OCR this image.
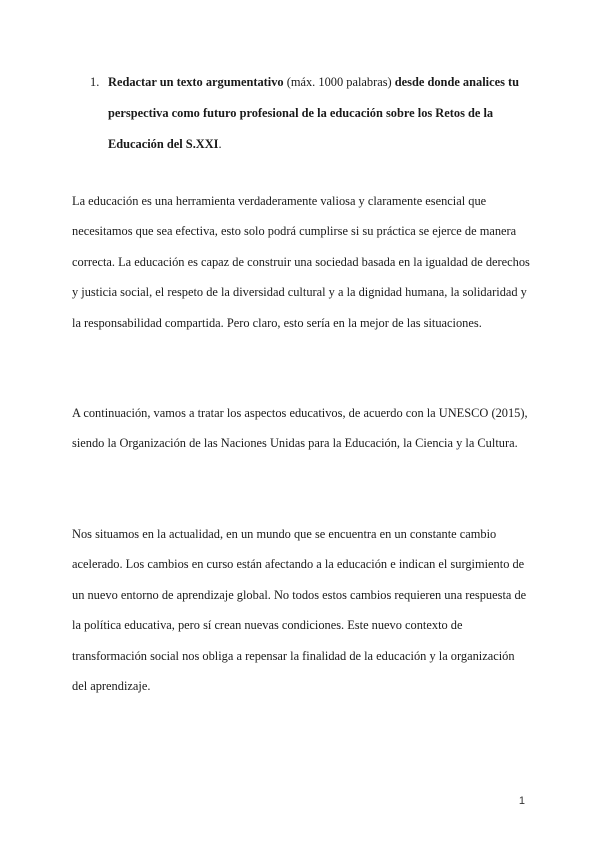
1. Redactar un texto argumentativo (máx. 1000 palabras) desde donde analices tu perspectiva como futuro profesional de la educación sobre los Retos de la Educación del S.XXI.

La educación es una herramienta verdaderamente valiosa y claramente esencial que necesitamos que sea efectiva, esto solo podrá cumplirse si su práctica se ejerce de manera correcta. La educación es capaz de construir una sociedad basada en la igualdad de derechos y justicia social, el respeto de la diversidad cultural y a la dignidad humana, la solidaridad y la responsabilidad compartida. Pero claro, esto sería en la mejor de las situaciones.

A continuación, vamos a tratar los aspectos educativos, de acuerdo con la UNESCO (2015), siendo la Organización de las Naciones Unidas para la Educación, la Ciencia y la Cultura.

Nos situamos en la actualidad, en un mundo que se encuentra en un constante cambio acelerado. Los cambios en curso están afectando a la educación e indican el surgimiento de un nuevo entorno de aprendizaje global. No todos estos cambios requieren una respuesta de la política educativa, pero sí crean nuevas condiciones. Este nuevo contexto de transformación social nos obliga a repensar la finalidad de la educación y la organización del aprendizaje.

1
